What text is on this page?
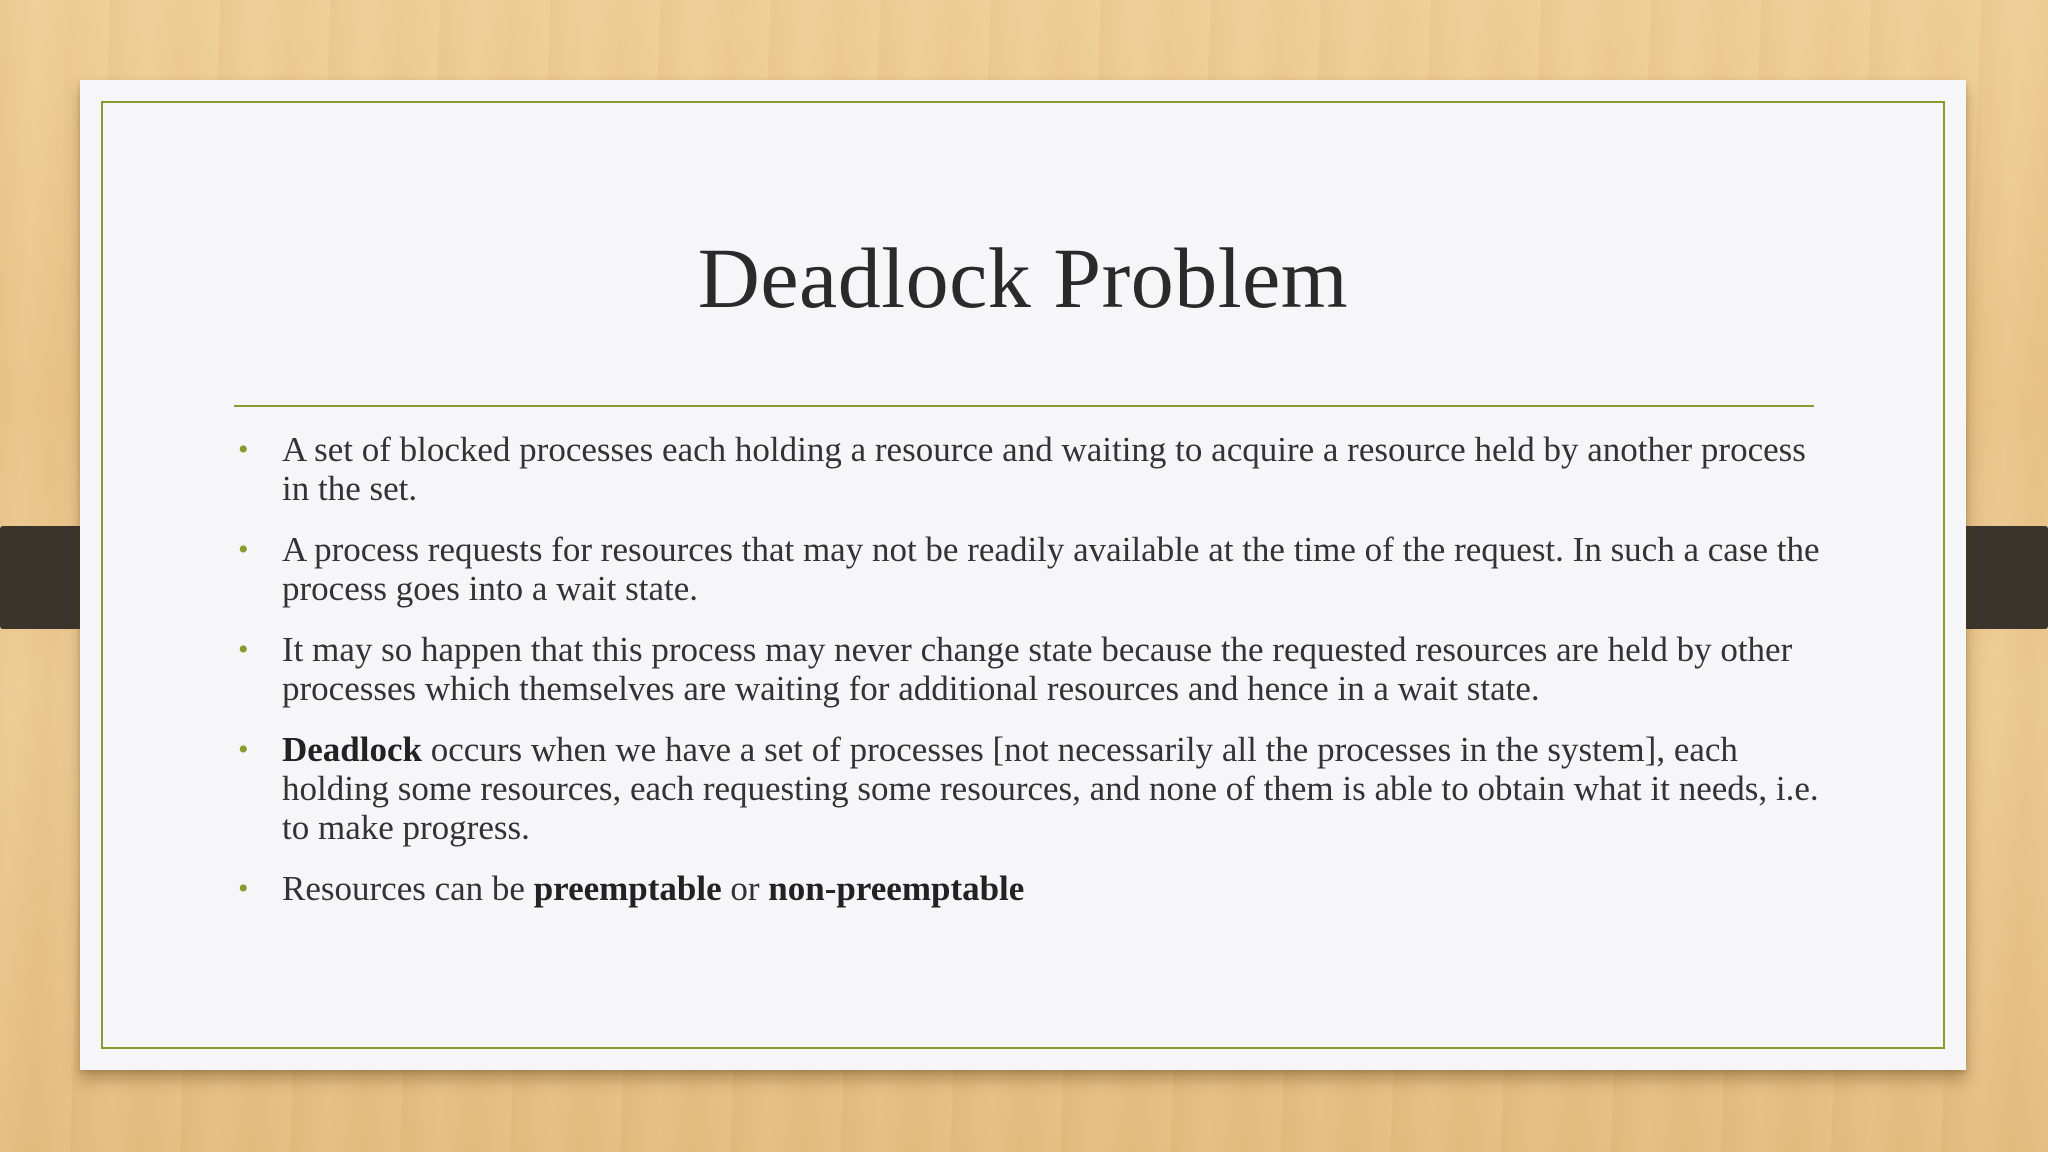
Deadlock Problem
• A set of blocked processes each holding a resource and waiting to acquire a resource held by another process in the set.
• A process requests for resources that may not be readily available at the time of the request. In such a case the process goes into a wait state.
• It may so happen that this process may never change state because the requested resources are held by other processes which themselves are waiting for additional resources and hence in a wait state.
• Deadlock occurs when we have a set of processes [not necessarily all the processes in the system], each holding some resources, each requesting some resources, and none of them is able to obtain what it needs, i.e. to make progress.
• Resources can be preemptable or non-preemptable
